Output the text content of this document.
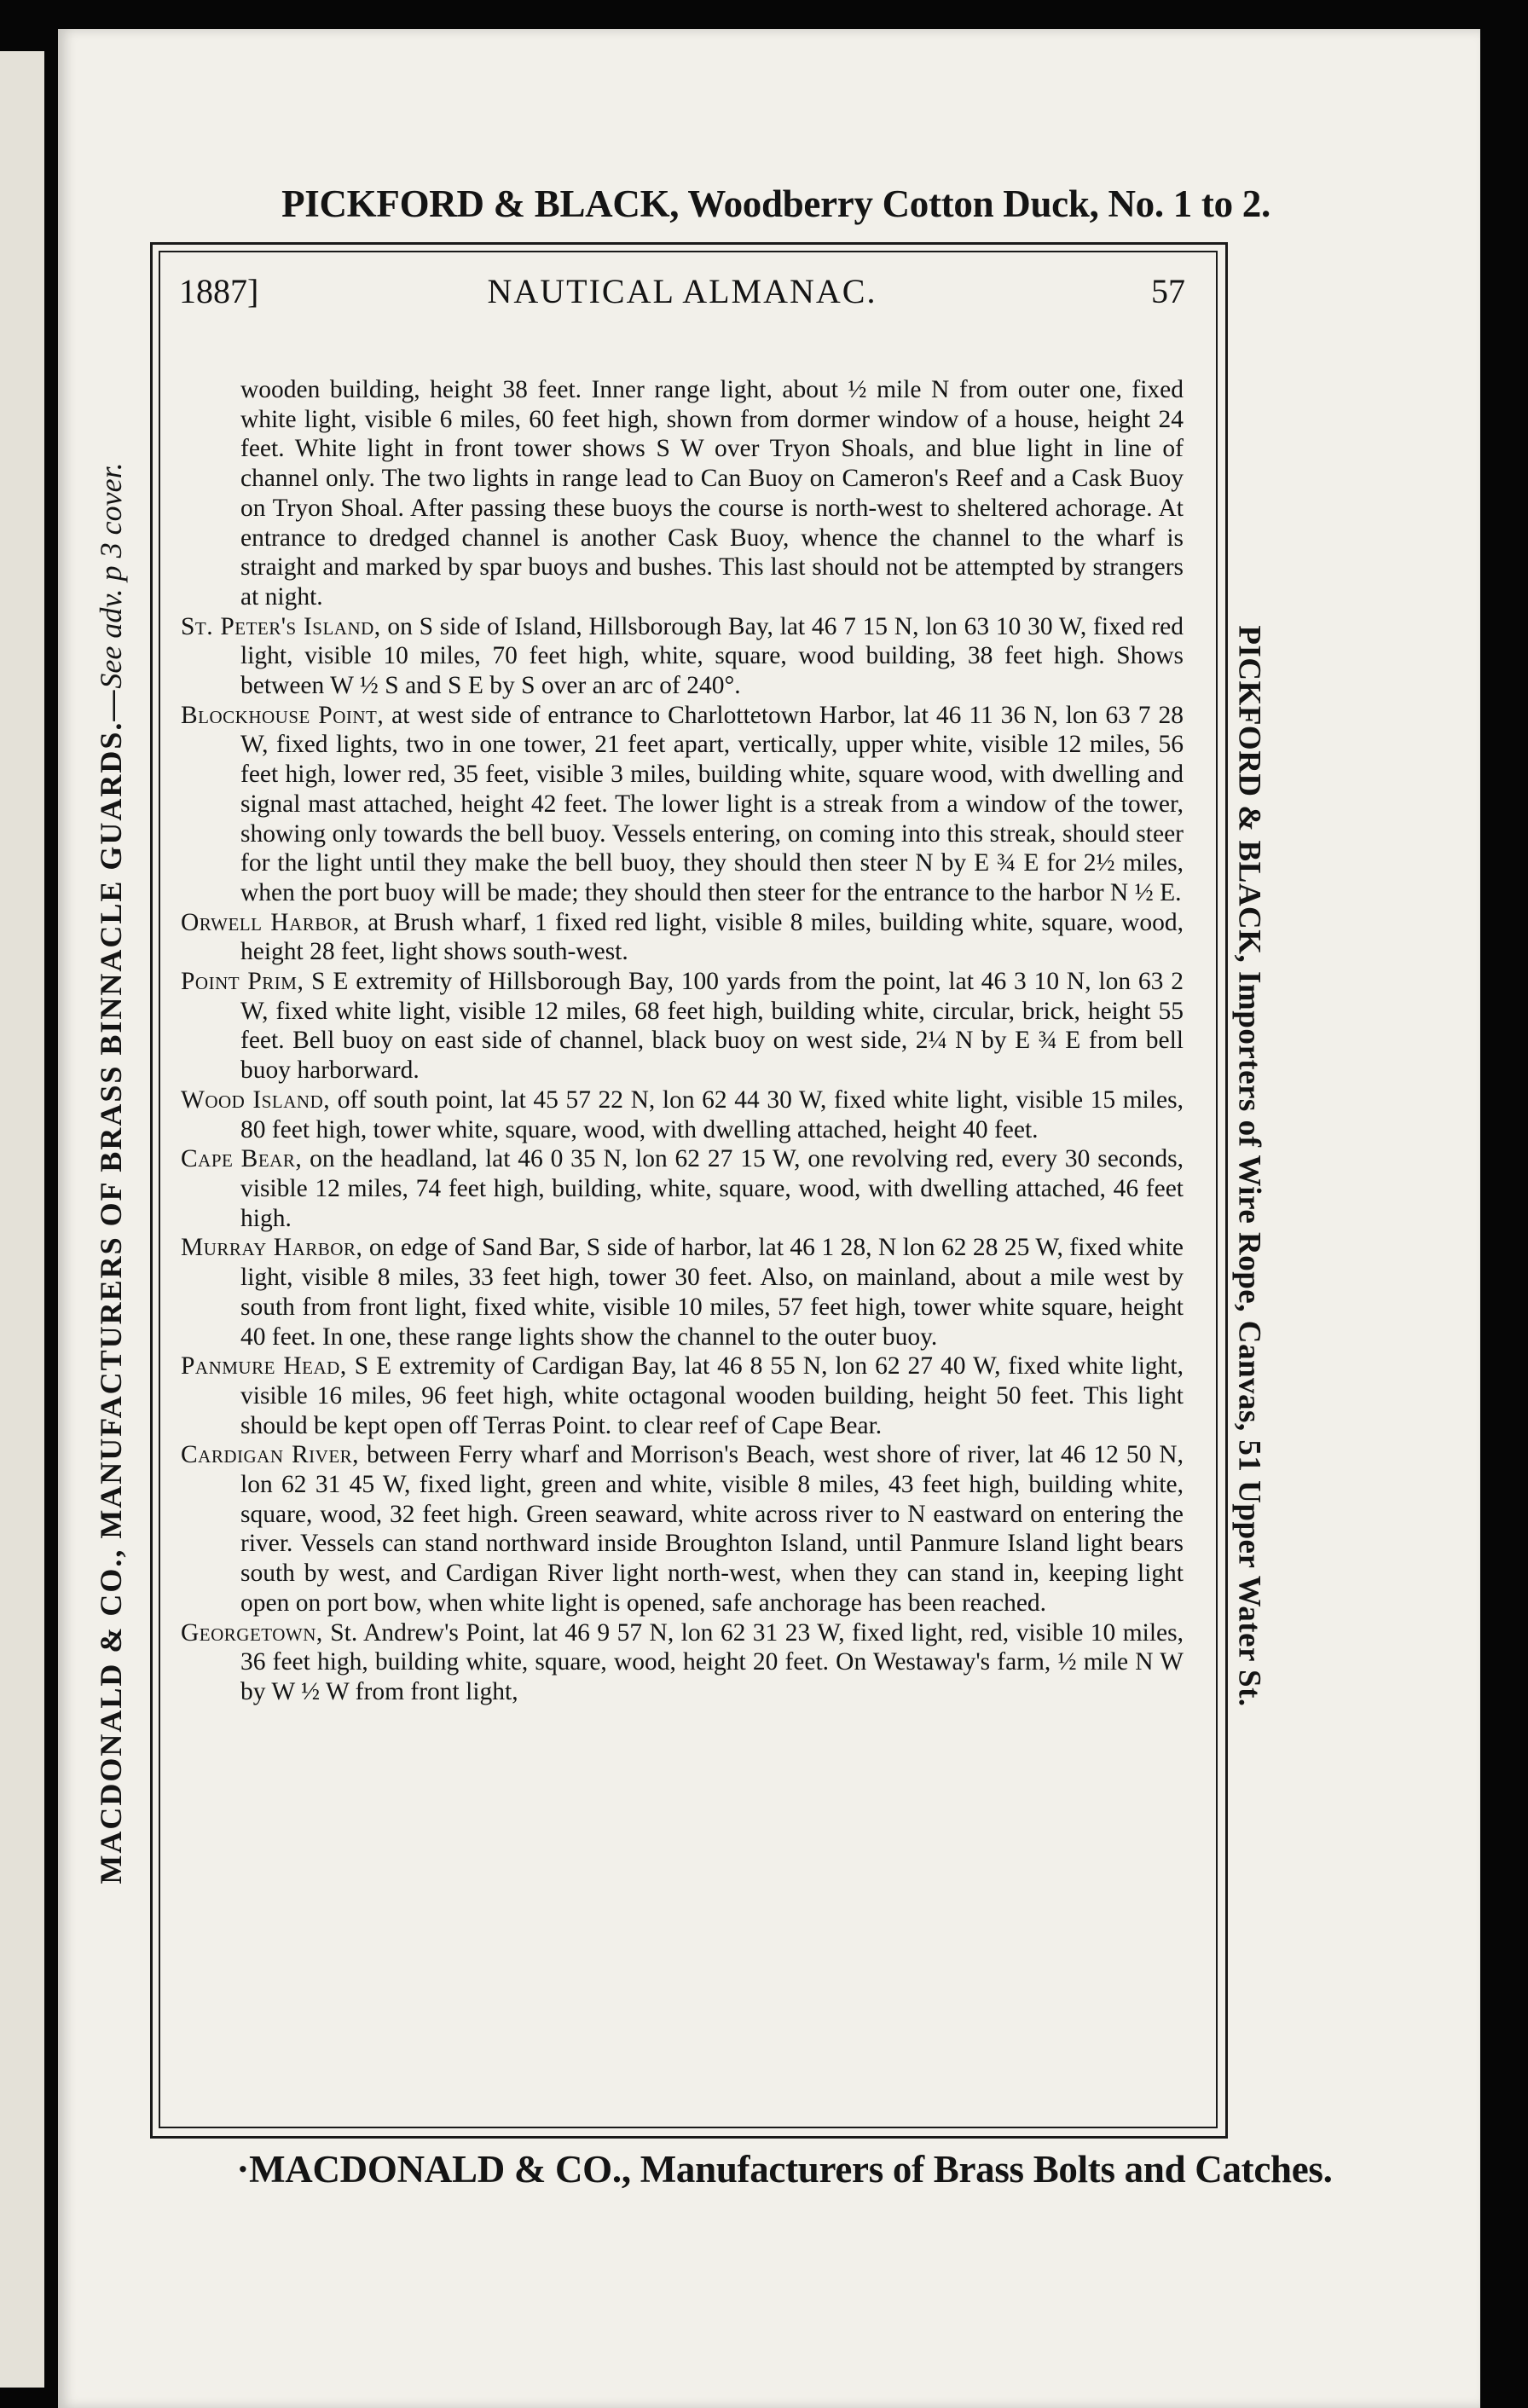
PICKFORD & BLACK, Woodberry Cotton Duck, No. 1 to 2.
MACDONALD & CO., MANUFACTURERS OF BRASS BINNACLE GUARDS.—See adv. p 3 cover.
PICKFORD & BLACK, Importers of Wire Rope, Canvas, 51 Upper Water St.
1887]	NAUTICAL ALMANAC.	57

wooden building, height 38 feet. Inner range light, about ½ mile N from outer one, fixed white light, visible 6 miles, 60 feet high, shown from dormer window of a house, height 24 feet. White light in front tower shows S W over Tryon Shoals, and blue light in line of channel only. The two lights in range lead to Can Buoy on Cameron's Reef and a Cask Buoy on Tryon Shoal. After passing these buoys the course is north-west to sheltered achorage. At entrance to dredged channel is another Cask Buoy, whence the channel to the wharf is straight and marked by spar buoys and bushes. This last should not be attempted by strangers at night.

St. Peter's Island, on S side of Island, Hillsborough Bay, lat 46 7 15 N, lon 63 10 30 W, fixed red light, visible 10 miles, 70 feet high, white, square, wood building, 38 feet high. Shows between W ½ S and S E by S over an arc of 240°.

Blockhouse Point, at west side of entrance to Charlottetown Harbor, lat 46 11 36 N, lon 63 7 28 W, fixed lights, two in one tower, 21 feet apart, vertically, upper white, visible 12 miles, 56 feet high, lower red, 35 feet, visible 3 miles, building white, square wood, with dwelling and signal mast attached, height 42 feet. The lower light is a streak from a window of the tower, showing only towards the bell buoy. Vessels entering, on coming into this streak, should steer for the light until they make the bell buoy, they should then steer N by E ¾ E for 2½ miles, when the port buoy will be made; they should then steer for the entrance to the harbor N ½ E.

Orwell Harbor, at Brush wharf, 1 fixed red light, visible 8 miles, building white, square, wood, height 28 feet, light shows south-west.

Point Prim, S E extremity of Hillsborough Bay, 100 yards from the point, lat 46 3 10 N, lon 63 2 W, fixed white light, visible 12 miles, 68 feet high, building white, circular, brick, height 55 feet. Bell buoy on east side of channel, black buoy on west side, 2¼ N by E ¾ E from bell buoy harborward.

Wood Island, off south point, lat 45 57 22 N, lon 62 44 30 W, fixed white light, visible 15 miles, 80 feet high, tower white, square, wood, with dwelling attached, height 40 feet.

Cape Bear, on the headland, lat 46 0 35 N, lon 62 27 15 W, one revolving red, every 30 seconds, visible 12 miles, 74 feet high, building, white, square, wood, with dwelling attached, 46 feet high.

Murray Harbor, on edge of Sand Bar, S side of harbor, lat 46 1 28, N lon 62 28 25 W, fixed white light, visible 8 miles, 33 feet high, tower 30 feet. Also, on mainland, about a mile west by south from front light, fixed white, visible 10 miles, 57 feet high, tower white square, height 40 feet. In one, these range lights show the channel to the outer buoy.

Panmure Head, S E extremity of Cardigan Bay, lat 46 8 55 N, lon 62 27 40 W, fixed white light, visible 16 miles, 96 feet high, white octagonal wooden building, height 50 feet. This light should be kept open off Terras Point. to clear reef of Cape Bear.

Cardigan River, between Ferry wharf and Morrison's Beach, west shore of river, lat 46 12 50 N, lon 62 31 45 W, fixed light, green and white, visible 8 miles, 43 feet high, building white, square, wood, 32 feet high. Green seaward, white across river to N eastward on entering the river. Vessels can stand northward inside Broughton Island, until Panmure Island light bears south by west, and Cardigan River light north-west, when they can stand in, keeping light open on port bow, when white light is opened, safe anchorage has been reached.

Georgetown, St. Andrew's Point, lat 46 9 57 N, lon 62 31 23 W, fixed light, red, visible 10 miles, 36 feet high, building white, square, wood, height 20 feet. On Westaway's farm, ½ mile N W by W ½ W from front light,

·MACDONALD & CO., Manufacturers of Brass Bolts and Catches.
